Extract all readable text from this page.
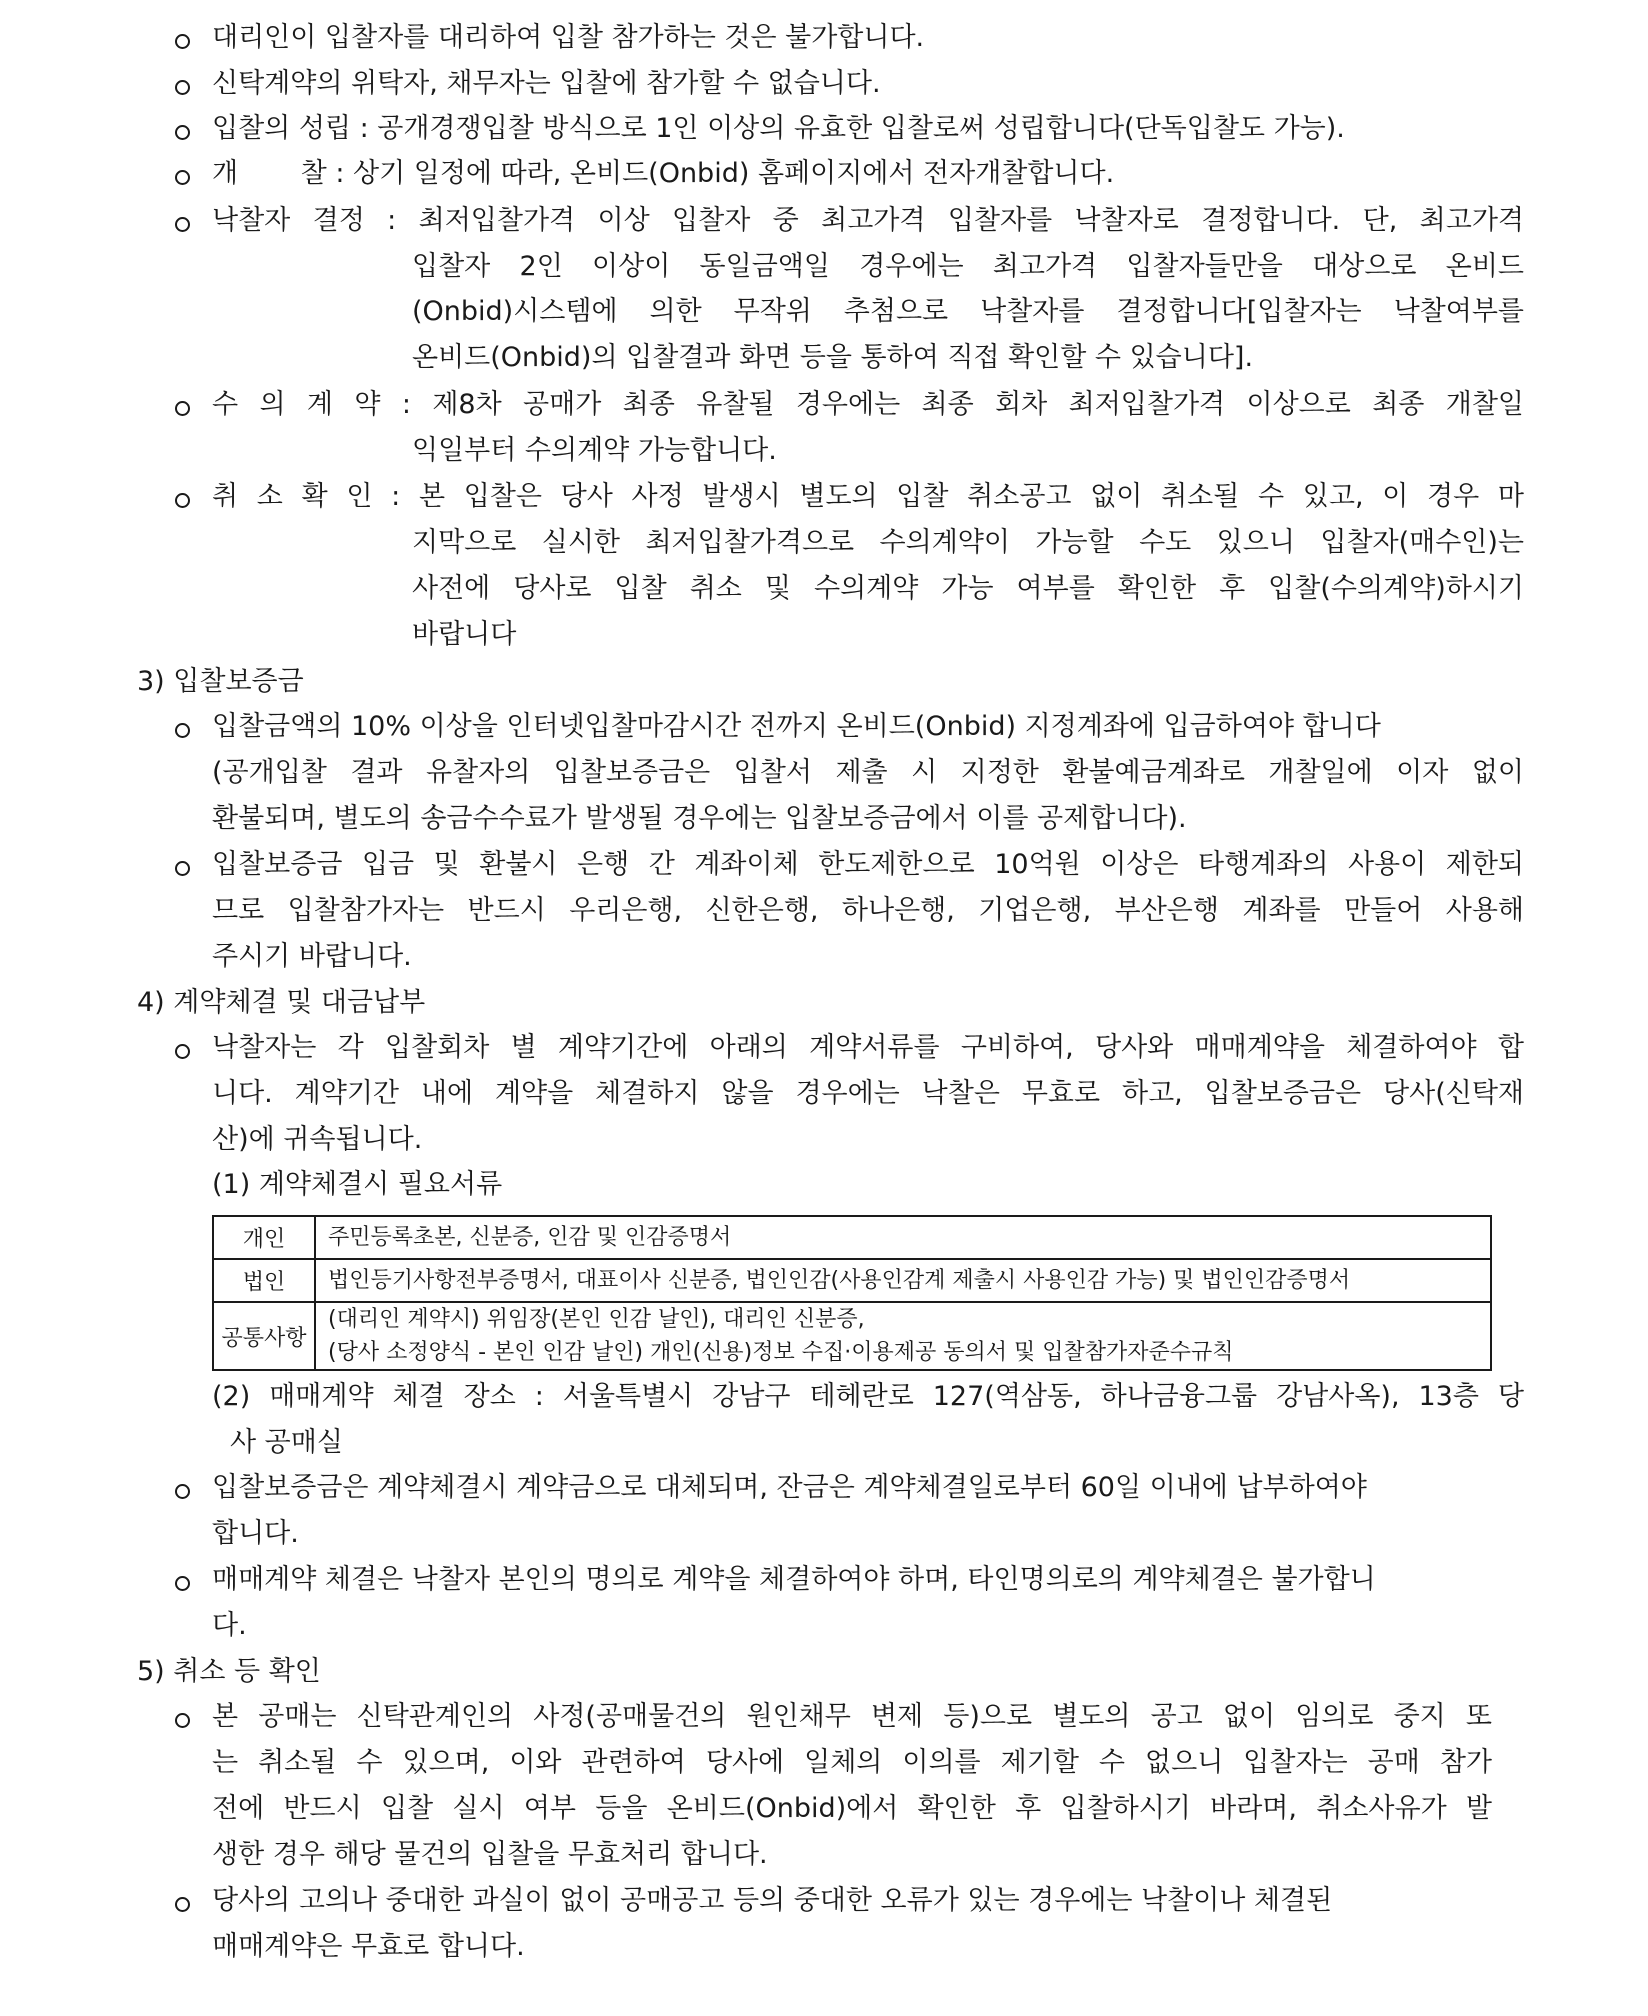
대리인이 입찰자를 대리하여 입찰 참가하는 것은 불가합니다.
신탁계약의 위탁자, 채무자는 입찰에 참가할 수 없습니다.
입찰의 성립 : 공개경쟁입찰 방식으로 1인 이상의 유효한 입찰로써 성립합니다(단독입찰도 가능).
개　　 찰 : 상기 일정에 따라, 온비드(Onbid) 홈페이지에서 전자개찰합니다.
낙찰자 결정 : 최저입찰가격 이상 입찰자 중 최고가격 입찰자를 낙찰자로 결정합니다. 단, 최고가격
입찰자 2인 이상이 동일금액일 경우에는 최고가격 입찰자들만을 대상으로 온비드
(Onbid)시스템에 의한 무작위 추첨으로 낙찰자를 결정합니다[입찰자는 낙찰여부를
온비드(Onbid)의 입찰결과 화면 등을 통하여 직접 확인할 수 있습니다].
수 의 계 약 : 제8차 공매가 최종 유찰될 경우에는 최종 회차 최저입찰가격 이상으로 최종 개찰일
익일부터 수의계약 가능합니다.
취 소 확 인 : 본 입찰은 당사 사정 발생시 별도의 입찰 취소공고 없이 취소될 수 있고, 이 경우 마
지막으로 실시한 최저입찰가격으로 수의계약이 가능할 수도 있으니 입찰자(매수인)는
사전에 당사로 입찰 취소 및 수의계약 가능 여부를 확인한 후 입찰(수의계약)하시기
바랍니다
3) 입찰보증금
입찰금액의 10% 이상을 인터넷입찰마감시간 전까지 온비드(Onbid) 지정계좌에 입금하여야 합니다
(공개입찰 결과 유찰자의 입찰보증금은 입찰서 제출 시 지정한 환불예금계좌로 개찰일에 이자 없이
환불되며, 별도의 송금수수료가 발생될 경우에는 입찰보증금에서 이를 공제합니다).
입찰보증금 입금 및 환불시 은행 간 계좌이체 한도제한으로 10억원 이상은 타행계좌의 사용이 제한되
므로 입찰참가자는 반드시 우리은행, 신한은행, 하나은행, 기업은행, 부산은행 계좌를 만들어 사용해
주시기 바랍니다.
4) 계약체결 및 대금납부
낙찰자는 각 입찰회차 별 계약기간에 아래의 계약서류를 구비하여, 당사와 매매계약을 체결하여야 합
니다. 계약기간 내에 계약을 체결하지 않을 경우에는 낙찰은 무효로 하고, 입찰보증금은 당사(신탁재
산)에 귀속됩니다.
(1) 계약체결시 필요서류
(2) 매매계약 체결 장소 : 서울특별시 강남구 테헤란로 127(역삼동, 하나금융그룹 강남사옥), 13층 당
사 공매실
입찰보증금은 계약체결시 계약금으로 대체되며, 잔금은 계약체결일로부터 60일 이내에 납부하여야
합니다.
매매계약 체결은 낙찰자 본인의 명의로 계약을 체결하여야 하며, 타인명의로의 계약체결은 불가합니
다.
5) 취소 등 확인
본 공매는 신탁관계인의 사정(공매물건의 원인채무 변제 등)으로 별도의 공고 없이 임의로 중지 또
는 취소될 수 있으며, 이와 관련하여 당사에 일체의 이의를 제기할 수 없으니 입찰자는 공매 참가
전에 반드시 입찰 실시 여부 등을 온비드(Onbid)에서 확인한 후 입찰하시기 바라며, 취소사유가 발
생한 경우 해당 물건의 입찰을 무효처리 합니다.
당사의 고의나 중대한 과실이 없이 공매공고 등의 중대한 오류가 있는 경우에는 낙찰이나 체결된
매매계약은 무효로 합니다.
개인	주민등록초본, 신분증, 인감 및 인감증명서

법인	법인등기사항전부증명서, 대표이사 신분증, 법인인감(사용인감계 제출시 사용인감 가능) 및 법인인감증명서

공통사항	(대리인 계약시) 위임장(본인 인감 날인), 대리인 신분증,
(당사 소정양식 - 본인 인감 날인) 개인(신용)정보 수집·이용제공 동의서 및 입찰참가자준수규칙
